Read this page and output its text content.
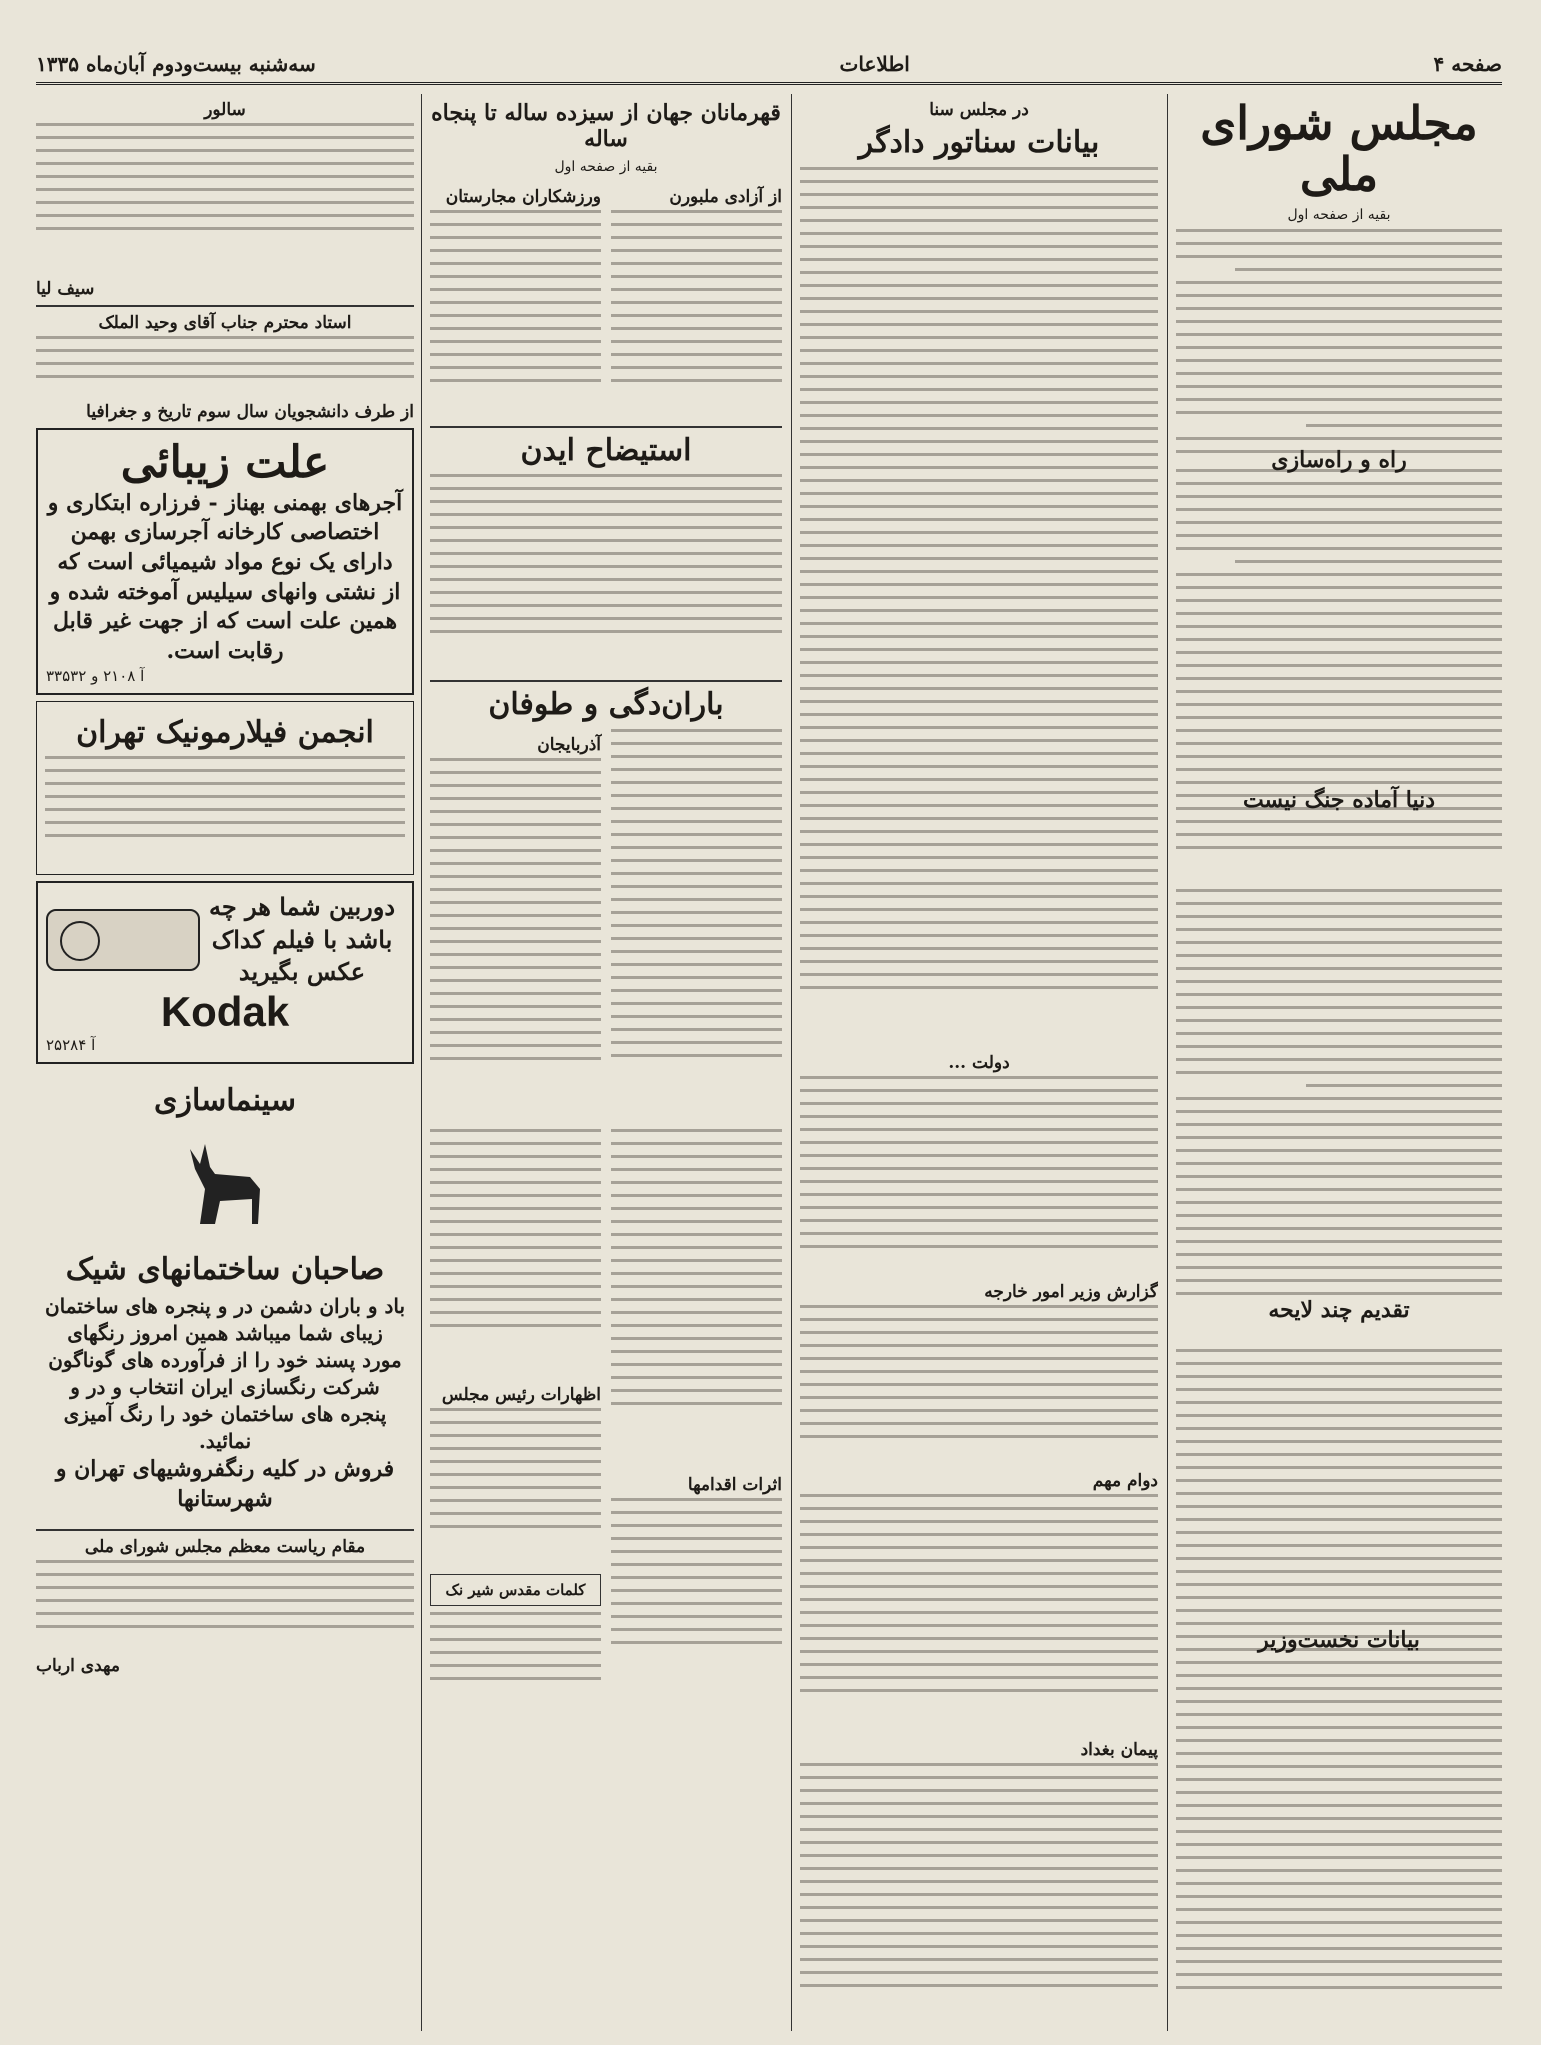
صفحه ۴
اطلاعات
سه‌شنبه بیست‌ودوم آبان‌ماه ۱۳۳۵
مجلس شورای ملی
بقیه از صفحه اول
در مجلس سنا
بیانات سناتور دادگر
دولت ...
گزارش وزیر امور خارجه
دوام مهم
پیمان بغداد
قهرمانان جهان از سیزده ساله تا پنجاه ساله
بقیه از صفحه اول
از آزادی ملبورن
ورزشکاران مجارستان
استیضاح ایدن
باران‌دگی و طوفان
آذربایجان
اثرات اقدامها
اظهارات رئیس مجلس
کلمات مقدس شیر نک
سالور
سیف لیا
استاد محترم جناب آقای وحید الملک
از طرف دانشجویان سال سوم تاریخ و جغرافیا
علت زیبائی
آجرهای بهمنی بهناز - فرزاره ابتکاری و اختصاصی کارخانه آجرسازی بهمن دارای یک نوع مواد شیمیائی است که از نشتی وانهای سیلیس آموخته شده و همین علت است که از جهت غیر قابل رقابت است.
آ ۲۱۰۸ و ۳۳۵۳۲
انجمن فیلارمونیک تهران
دوربین شما هر چه باشد با فیلم کداک عکس بگیرید
Kodak
آ ۲۵۲۸۴
سینماسازی
صاحبان ساختمانهای شیک
باد و باران دشمن در و پنجره های ساختمان زیبای شما میباشد همین امروز رنگهای مورد پسند خود را از فرآورده های گوناگون شرکت رنگسازی ایران انتخاب و در و پنجره های ساختمان خود را رنگ آمیزی نمائید.
فروش در کلیه رنگفروشیهای تهران و شهرستانها
مقام ریاست معظم مجلس شورای ملی
مهدی ارباب
راه و راه‌سازی
دنیا آماده جنگ نیست
تقدیم چند لایحه
بیانات نخست‌وزیر
